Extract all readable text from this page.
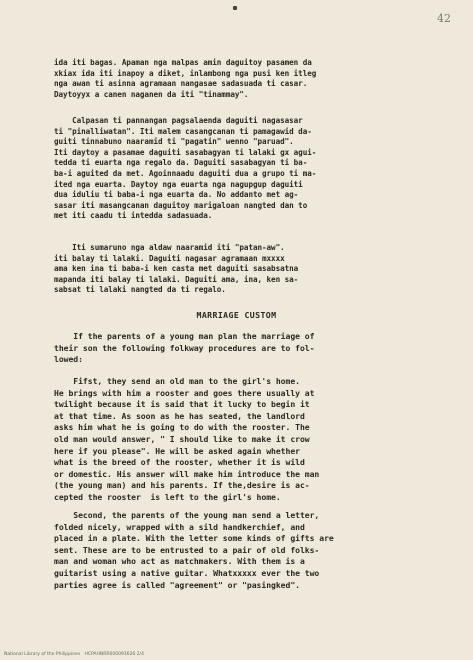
42
ida iti bagas. Apaman nga malpas amin daguitoy pasamen da
xkiax ida iti inapoy a diket, inlambong nga pusi ken itleg
nga awan ti asinna agramaan nangasae sadasuada ti casar.
Daytoyyx a canen naganen da iti "tinammay".
Calpasan ti pannangan pagsalaenda daguiti nagasasar
ti "pinalliwatan". Iti malem casangcanan ti pamagawid da-
guiti tinnabuno naaramid ti "pagatin" wenno "paruad".
Iti daytoy a pasamae daguiti sasabagyan ti lalaki gx agui-
tedda ti euarta nga regalo da. Daguiti sasabagyan ti ba-
ba-i aguited da met. Agoinnaadu daguiti dua a grupo ti ma-
ited nga euarta. Daytoy nga euarta nga nagupgup daguiti
dua iduliu ti baba-i nga euarta da. No addanto met ag-
sasar iti masangcanan daguitoy marigaloan nangted dan to
met iti caadu ti intedda sadasuada.
Iti sumaruno nga aldaw naaramid iti "patan-aw".
iti balay ti lalaki. Daguiti nagasar agramaan mxxxx
ama ken ina ti baba-i ken casta met daguiti sasabsatna
mapanda iti balay ti lalaki. Daguiti ama, ina, ken sa-
sabsat ti lalaki nangted da ti regalo.
MARRIAGE CUSTOM
If the parents of a young man plan the marriage of
their son the following folkway procedures are to fol-
lowed:
Fifst, they send an old man to the girl's home.
He brings with him a rooster and goes there usually at
twilight because it is said that it lucky to begin it
at that time. As soon as he has seated, the landlord
asks him what he is going to do with the rooster. The
old man would answer, " I should like to make it crow
here if you please". He will be asked again whether
what is the breed of the rooster, whether it is wild
or domestic. His answer will make him introduce the man
(the young man) and his parents. If the,desire is ac-
cepted the rooster  is left to the girl's home.
Second, the parents of the young man send a letter,
folded nicely, wrapped with a sild handkerchief, and
placed in a plate. With the letter some kinds of gifts are
sent. These are to be entrusted to a pair of old folks-
man and woman who act as matchmakers. With them is a
guitarist using a native guitar. Whatxxxxx ever the two
parties agree is called "agreement" or "pasingked".
National Library of the Philippines   HCPAHNRR000091626 2/4
